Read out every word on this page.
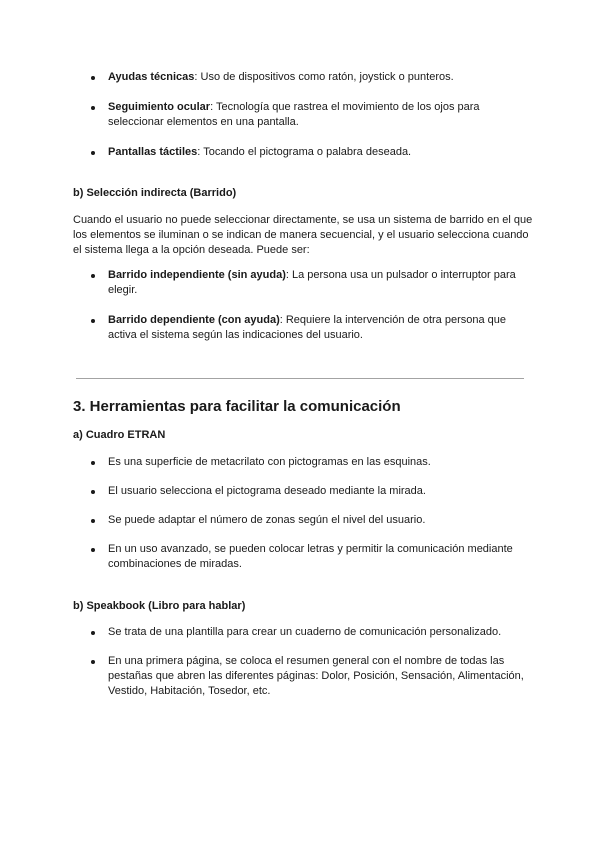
Ayudas técnicas: Uso de dispositivos como ratón, joystick o punteros.
Seguimiento ocular: Tecnología que rastrea el movimiento de los ojos para seleccionar elementos en una pantalla.
Pantallas táctiles: Tocando el pictograma o palabra deseada.
b) Selección indirecta (Barrido)
Cuando el usuario no puede seleccionar directamente, se usa un sistema de barrido en el que los elementos se iluminan o se indican de manera secuencial, y el usuario selecciona cuando el sistema llega a la opción deseada. Puede ser:
Barrido independiente (sin ayuda): La persona usa un pulsador o interruptor para elegir.
Barrido dependiente (con ayuda): Requiere la intervención de otra persona que activa el sistema según las indicaciones del usuario.
3. Herramientas para facilitar la comunicación
a) Cuadro ETRAN
Es una superficie de metacrilato con pictogramas en las esquinas.
El usuario selecciona el pictograma deseado mediante la mirada.
Se puede adaptar el número de zonas según el nivel del usuario.
En un uso avanzado, se pueden colocar letras y permitir la comunicación mediante combinaciones de miradas.
b) Speakbook (Libro para hablar)
Se trata de una plantilla para crear un cuaderno de comunicación personalizado.
En una primera página, se coloca el resumen general con el nombre de todas las pestañas que abren las diferentes páginas: Dolor, Posición, Sensación, Alimentación, Vestido, Habitación, Tosedor, etc.
